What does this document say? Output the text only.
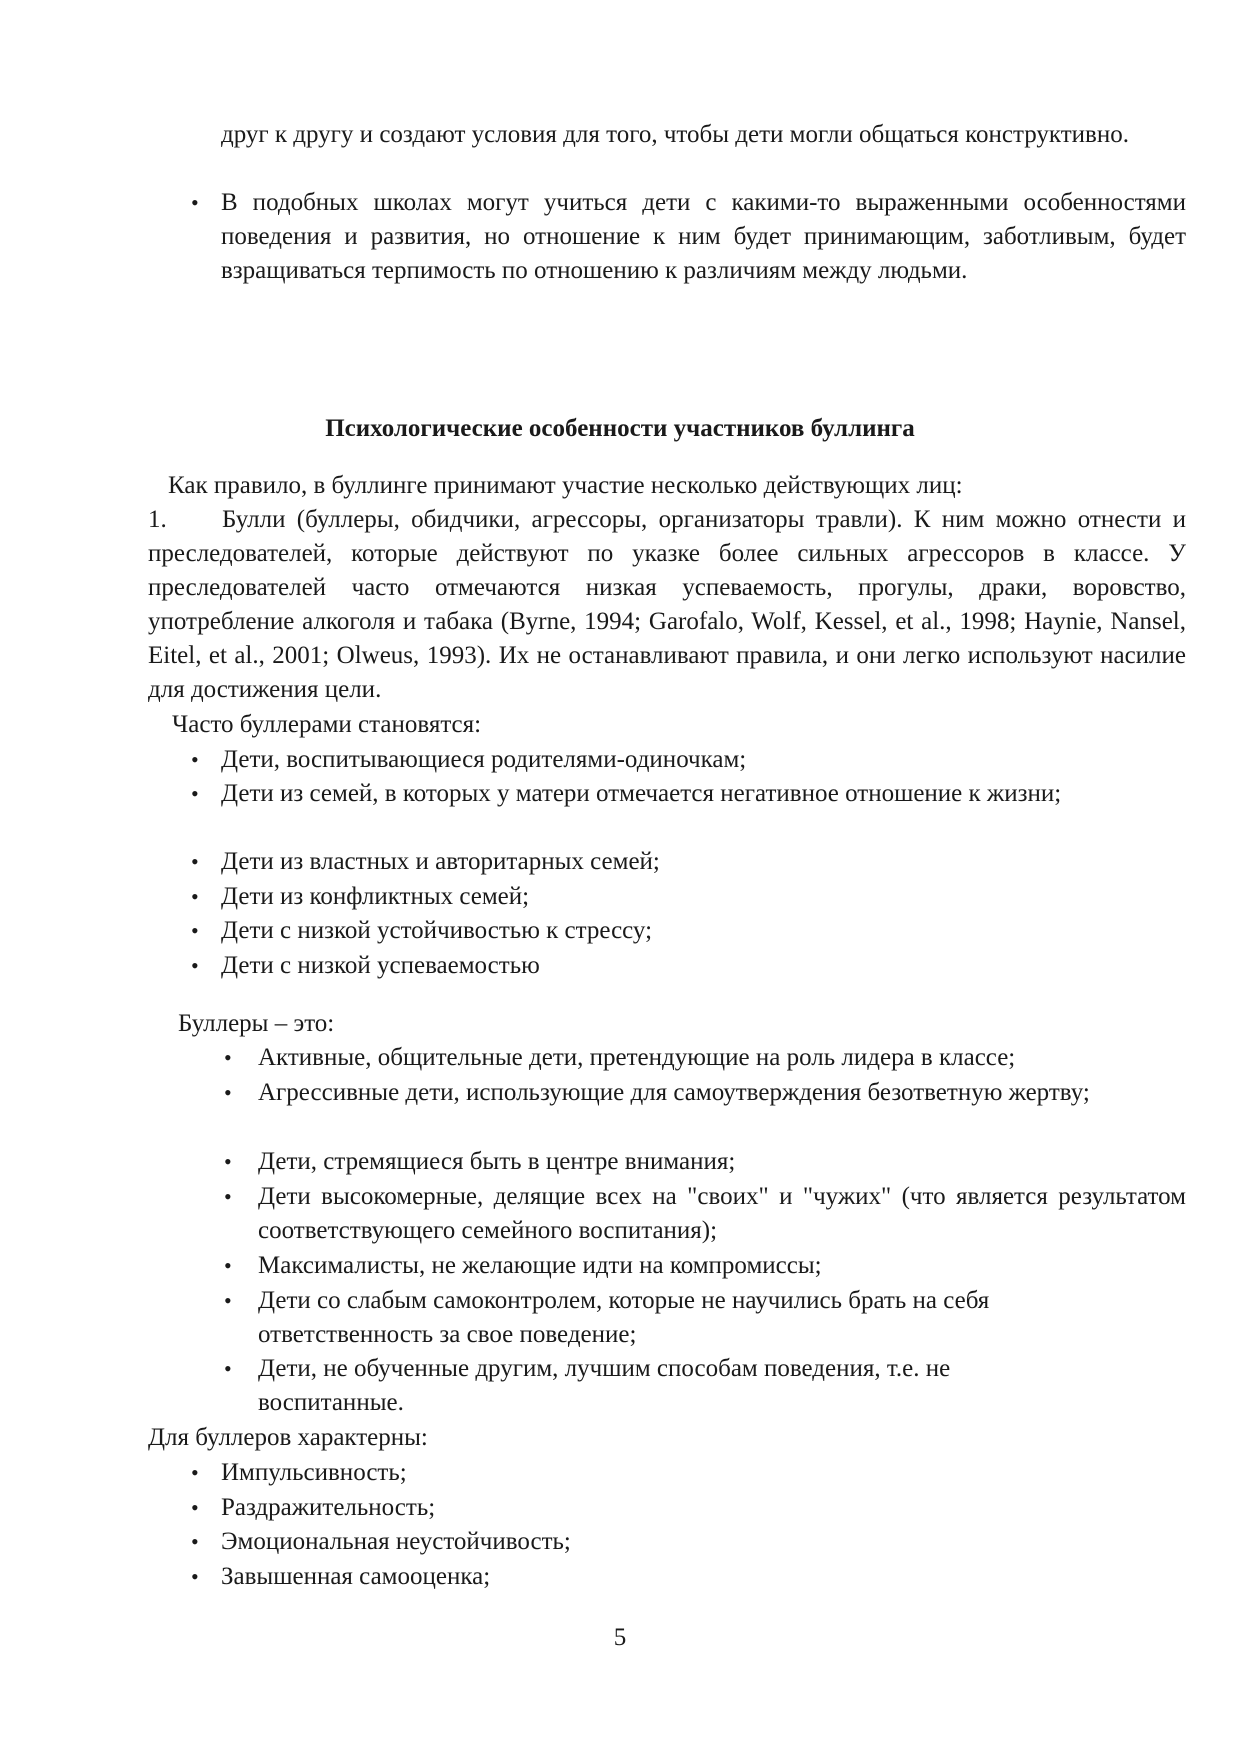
друг к другу и создают условия для того, чтобы дети могли общаться конструктивно.
• В подобных школах могут учиться дети с какими-то выраженными особенностями поведения и развития, но отношение к ним будет принимающим, заботливым, будет взращиваться терпимость по отношению к различиям между людьми.
Психологические особенности участников буллинга
Как правило, в буллинге принимают участие несколько действующих лиц:
1. Булли (буллеры, обидчики, агрессоры, организаторы травли). К ним можно отнести и преследователей, которые действуют по указке более сильных агрессоров в классе. У преследователей часто отмечаются низкая успеваемость, прогулы, драки, воровство, употребление алкоголя и табака (Byrne, 1994; Garofalo, Wolf, Kessel, et al., 1998; Haynie, Nansel, Eitel, et al., 2001; Olweus, 1993). Их не останавливают правила, и они легко используют насилие для достижения цели.
Часто буллерами становятся:
• Дети, воспитывающиеся родителями-одиночкам;
• Дети из семей, в которых у матери отмечается негативное отношение к жизни;
• Дети из властных и авторитарных семей;
• Дети из конфликтных семей;
• Дети с низкой устойчивостью к стрессу;
• Дети с низкой успеваемостью
Буллеры – это:
• Активные, общительные дети, претендующие на роль лидера в классе;
• Агрессивные дети, использующие для самоутверждения безответную жертву;
• Дети, стремящиеся быть в центре внимания;
• Дети высокомерные, делящие всех на "своих" и "чужих" (что является результатом соответствующего семейного воспитания);
• Максималисты, не желающие идти на компромиссы;
• Дети со слабым самоконтролем, которые не научились брать на себя ответственность за свое поведение;
• Дети, не обученные другим, лучшим способам поведения, т.е. не воспитанные.
Для буллеров характерны:
• Импульсивность;
• Раздражительность;
• Эмоциональная неустойчивость;
• Завышенная самооценка;
5
